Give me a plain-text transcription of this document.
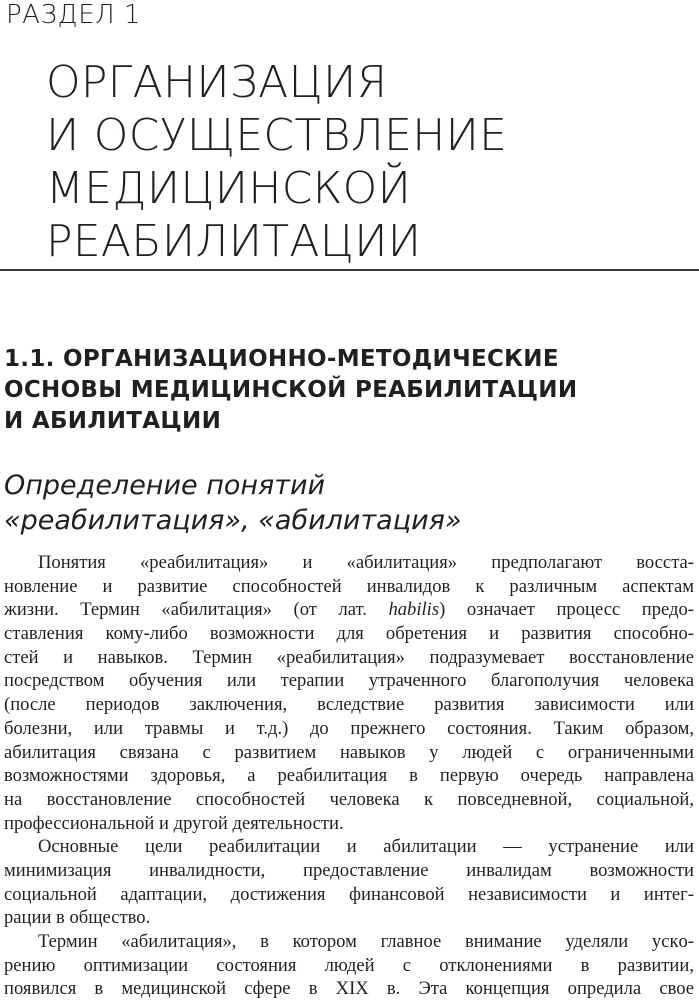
РАЗДЕЛ 1
ОРГАНИЗАЦИЯ
И ОСУЩЕСТВЛЕНИЕ
МЕДИЦИНСКОЙ
РЕАБИЛИТАЦИИ
1.1. ОРГАНИЗАЦИОННО-МЕТОДИЧЕСКИЕ
ОСНОВЫ МЕДИЦИНСКОЙ РЕАБИЛИТАЦИИ
И АБИЛИТАЦИИ
Определение понятий
«реабилитация», «абилитация»
Понятия «реабилитация» и «абилитация» предполагают восста-
новление и развитие способностей инвалидов к различным аспектам
жизни. Термин «абилитация» (от лат. habilis) означает процесс предо-
ставления кому-либо возможности для обретения и развития способно-
стей и навыков. Термин «реабилитация» подразумевает восстановление
посредством обучения или терапии утраченного благополучия человека
(после периодов заключения, вследствие развития зависимости или
болезни, или травмы и т.д.) до прежнего состояния. Таким образом,
абилитация связана с развитием навыков у людей с ограниченными
возможностями здоровья, а реабилитация в первую очередь направлена
на восстановление способностей человека к повседневной, социальной,
профессиональной и другой деятельности.
Основные цели реабилитации и абилитации — устранение или
минимизация инвалидности, предоставление инвалидам возможности
социальной адаптации, достижения финансовой независимости и интег-
рации в общество.
Термин «абилитация», в котором главное внимание уделяли ускo-
рению оптимизации состояния людей с отклонениями в развитии,
появился в медицинской сфере в XIX в. Эта концепция опредилa свое
